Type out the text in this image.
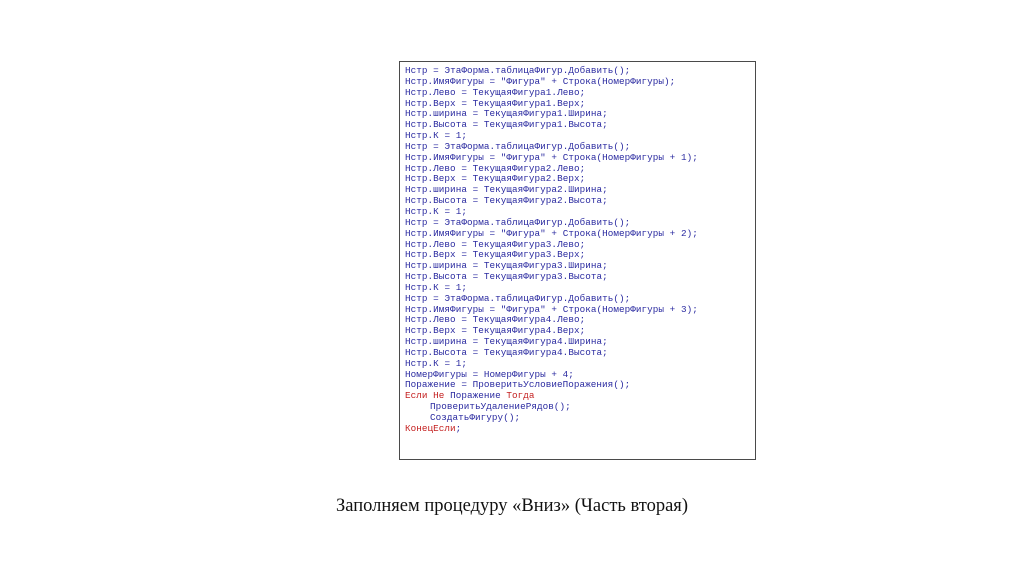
Нстр = ЭтаФорма.таблицаФигур.Добавить();
Нстр.ИмяФигуры = "Фигура" + Строка(НомерФигуры);
Нстр.Лево = ТекущаяФигура1.Лево;
Нстр.Верх = ТекущаяФигура1.Верх;
Нстр.ширина = ТекущаяФигура1.Ширина;
Нстр.Высота = ТекущаяФигура1.Высота;
Нстр.К = 1;
Нстр = ЭтаФорма.таблицаФигур.Добавить();
Нстр.ИмяФигуры = "Фигура" + Строка(НомерФигуры + 1);
Нстр.Лево = ТекущаяФигура2.Лево;
Нстр.Верх = ТекущаяФигура2.Верх;
Нстр.ширина = ТекущаяФигура2.Ширина;
Нстр.Высота = ТекущаяФигура2.Высота;
Нстр.К = 1;
Нстр = ЭтаФорма.таблицаФигур.Добавить();
Нстр.ИмяФигуры = "Фигура" + Строка(НомерФигуры + 2);
Нстр.Лево = ТекущаяФигура3.Лево;
Нстр.Верх = ТекущаяФигура3.Верх;
Нстр.ширина = ТекущаяФигура3.Ширина;
Нстр.Высота = ТекущаяФигура3.Высота;
Нстр.К = 1;
Нстр = ЭтаФорма.таблицаФигур.Добавить();
Нстр.ИмяФигуры = "Фигура" + Строка(НомерФигуры + 3);
Нстр.Лево = ТекущаяФигура4.Лево;
Нстр.Верх = ТекущаяФигура4.Верх;
Нстр.ширина = ТекущаяФигура4.Ширина;
Нстр.Высота = ТекущаяФигура4.Высота;
Нстр.К = 1;
НомерФигуры = НомерФигуры + 4;
Поражение = ПроверитьУсловиеПоражения();
Если Не Поражение Тогда
ПроверитьУдалениеРядов();
СоздатьФигуру();
КонецЕсли;
Заполняем процедуру «Вниз» (Часть вторая)
